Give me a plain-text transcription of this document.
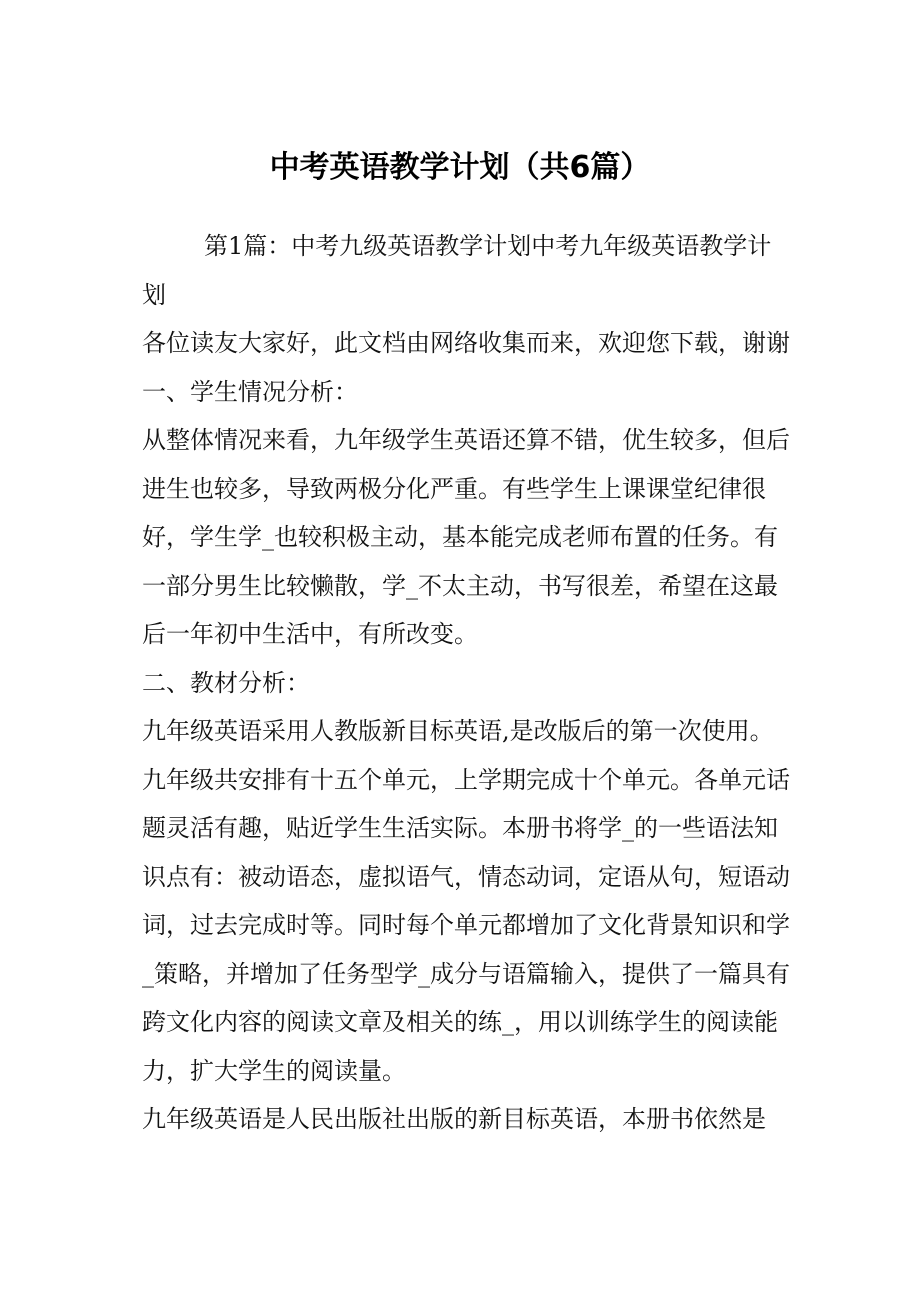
中考英语教学计划（共6篇）

第1篇：中考九级英语教学计划中考九年级英语教学计划

各位读友大家好，此文档由网络收集而来，欢迎您下载，谢谢

一、学生情况分析：

从整体情况来看，九年级学生英语还算不错，优生较多，但后进生也较多，导致两极分化严重。有些学生上课课堂纪律很好，学生学_也较积极主动，基本能完成老师布置的任务。有一部分男生比较懒散，学_不太主动，书写很差，希望在这最后一年初中生活中，有所改变。

二、教材分析：

九年级英语采用人教版新目标英语,是改版后的第一次使用。九年级共安排有十五个单元，上学期完成十个单元。各单元话题灵活有趣，贴近学生生活实际。本册书将学_的一些语法知识点有：被动语态，虚拟语气，情态动词，定语从句，短语动词，过去完成时等。同时每个单元都增加了文化背景知识和学_策略，并增加了任务型学_成分与语篇输入，提供了一篇具有跨文化内容的阅读文章及相关的练_，用以训练学生的阅读能力，扩大学生的阅读量。

九年级英语是人民出版社出版的新目标英语，本册书依然是
